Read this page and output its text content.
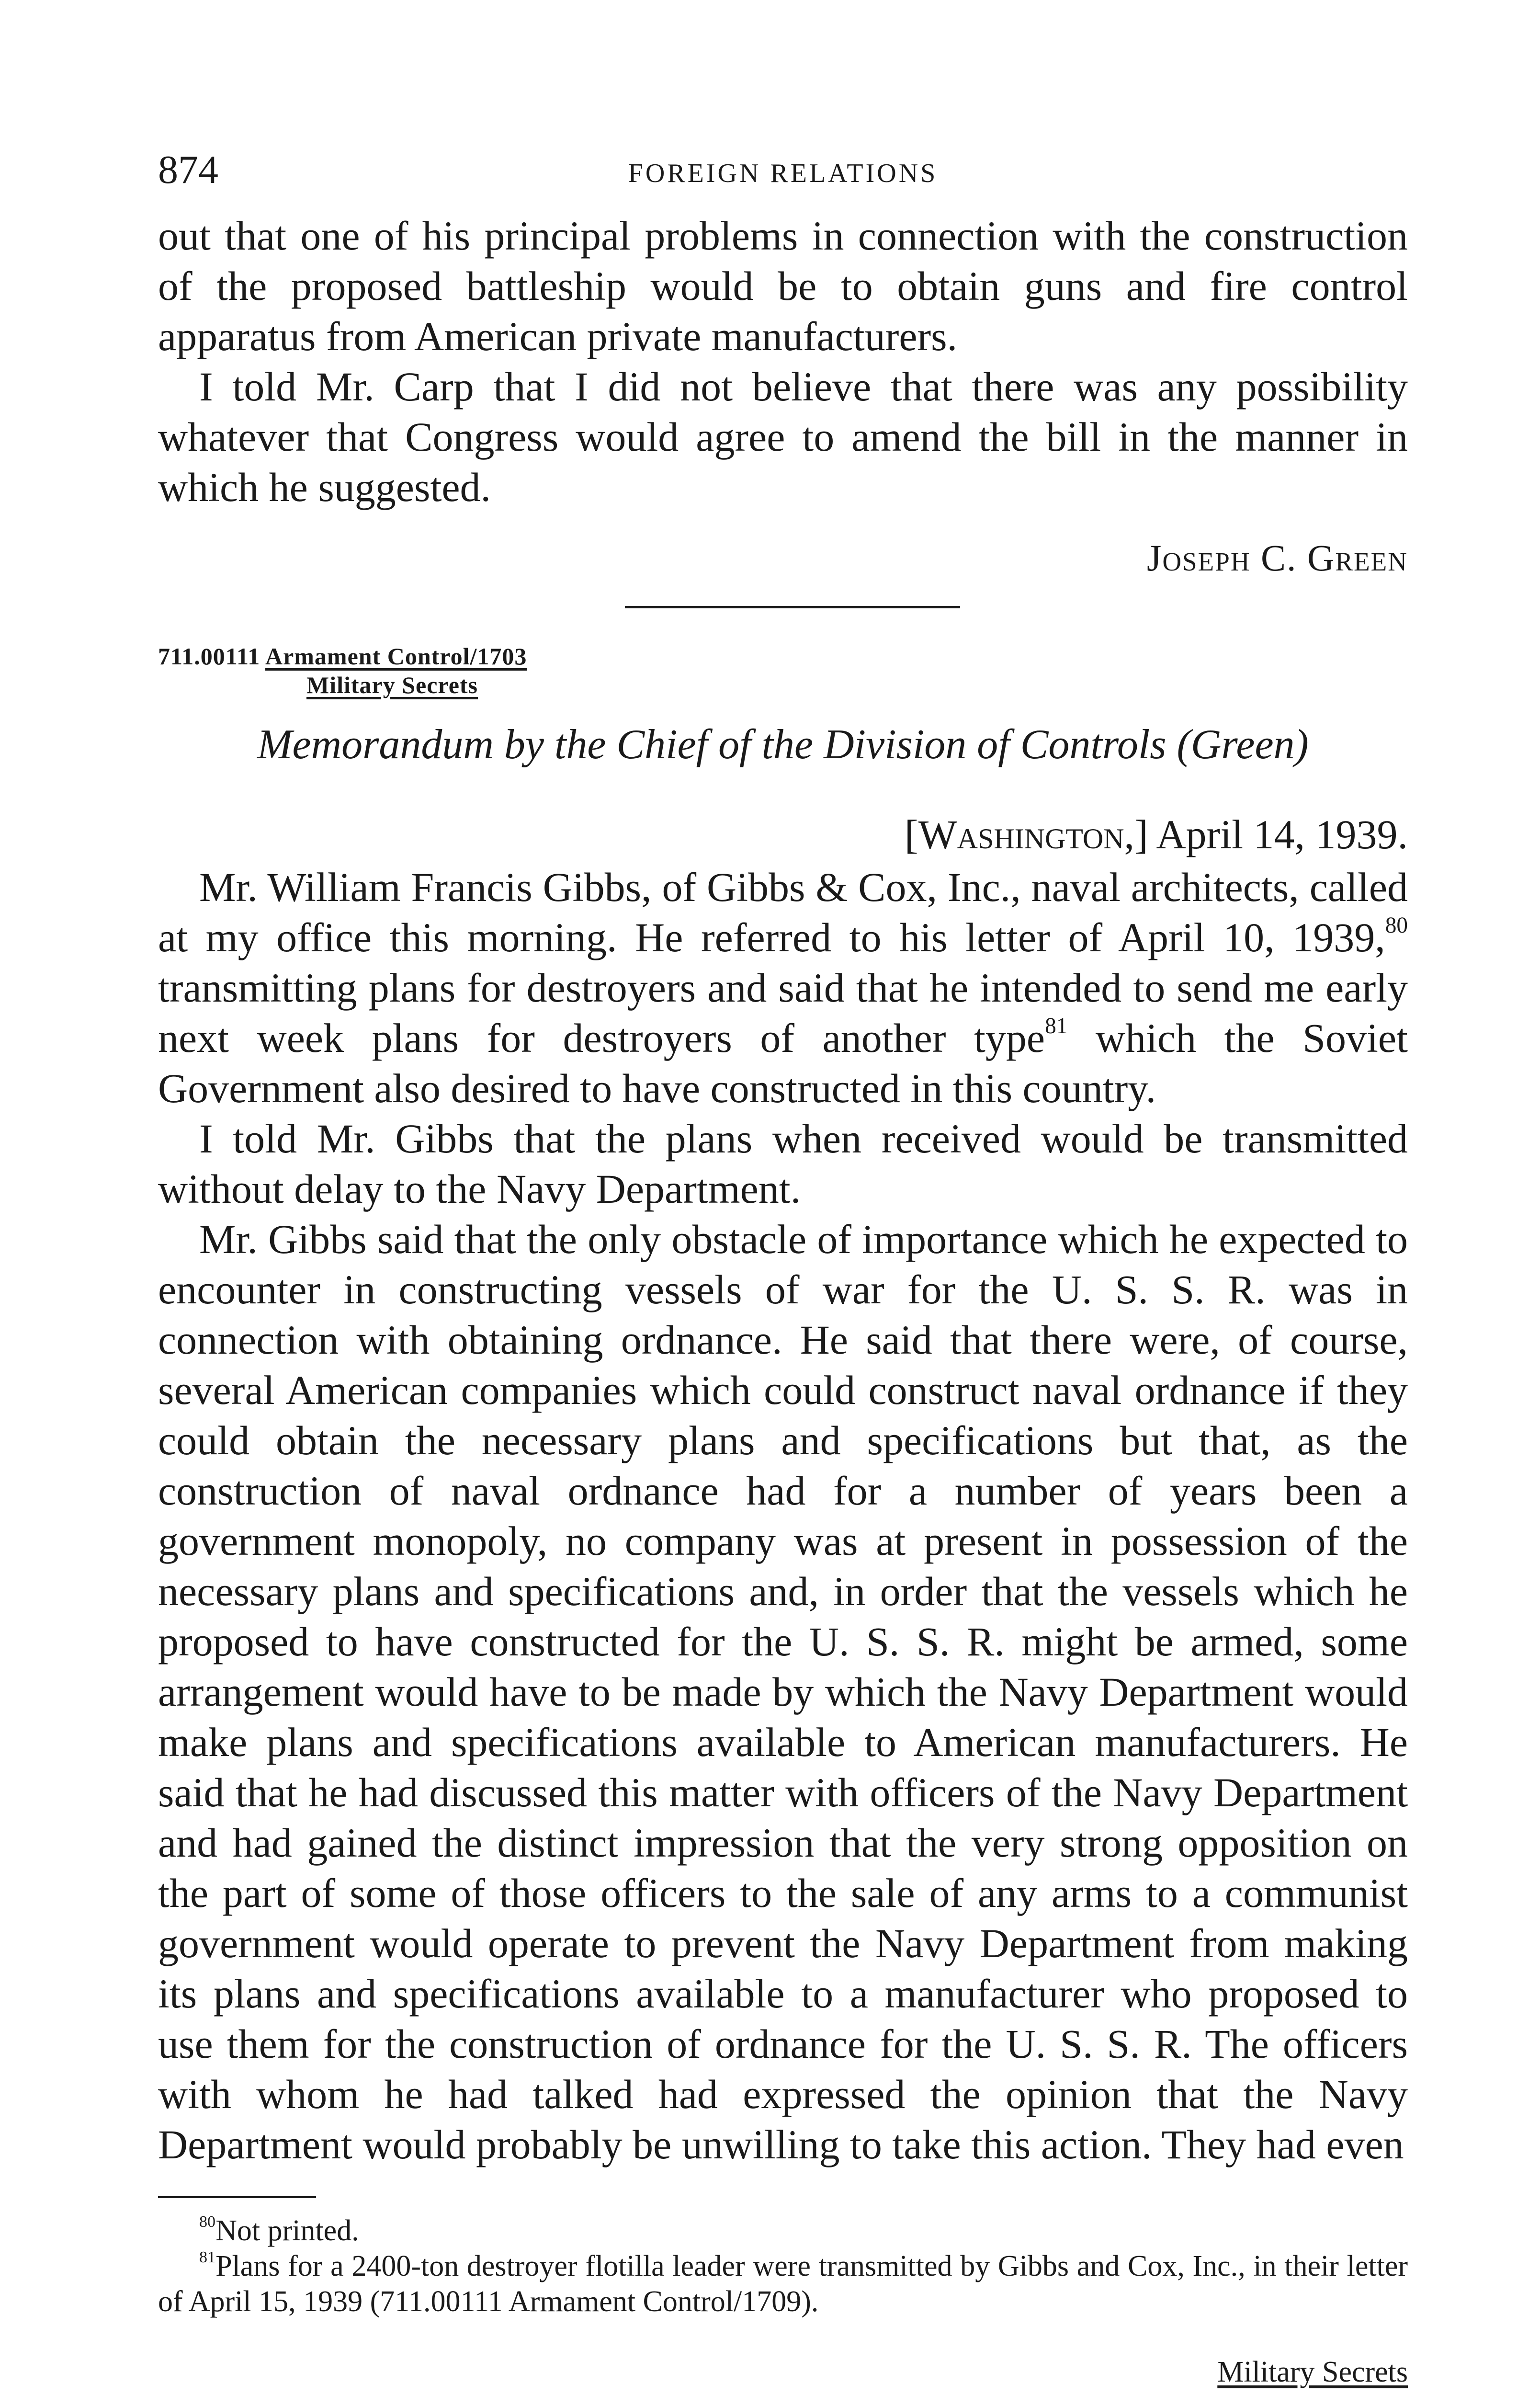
874	FOREIGN RELATIONS

out that one of his principal problems in connection with the construction of the proposed battleship would be to obtain guns and fire control apparatus from American private manufacturers.

I told Mr. Carp that I did not believe that there was any possibility whatever that Congress would agree to amend the bill in the manner in which he suggested.

Joseph C. Green
711.00111 Armament Control/1703
Military Secrets
Memorandum by the Chief of the Division of Controls (Green)
[Washington,] April 14, 1939.

Mr. William Francis Gibbs, of Gibbs & Cox, Inc., naval architects, called at my office this morning. He referred to his letter of April 10, 1939,80 transmitting plans for destroyers and said that he intended to send me early next week plans for destroyers of another type$^{81}$ which the Soviet Government also desired to have constructed in this country.

I told Mr. Gibbs that the plans when received would be transmitted without delay to the Navy Department.

Mr. Gibbs said that the only obstacle of importance which he expected to encounter in constructing vessels of war for the U. S. S. R. was in connection with obtaining ordnance. He said that there were, of course, several American companies which could construct naval ordnance if they could obtain the necessary plans and specifications but that, as the construction of naval ordnance had for a number of years been a government monopoly, no company was at present in possession of the necessary plans and specifications and, in order that the vessels which he proposed to have constructed for the U. S. S. R. might be armed, some arrangement would have to be made by which the Navy Department would make plans and specifications available to American manufacturers. He said that he had discussed this matter with officers of the Navy Department and had gained the distinct impression that the very strong opposition on the part of some of those officers to the sale of any arms to a communist government would operate to prevent the Navy Department from making its plans and specifications available to a manufacturer who proposed to use them for the construction of ordnance for the U. S. S. R. The officers with whom he had talked had expressed the opinion that the Navy Department would probably be unwilling to take this action. They had even

$^{80}$Not printed.

$^{81}$Plans for a 2400-ton destroyer flotilla leader were transmitted by Gibbs and Cox, Inc., in their letter of April 15, 1939 (711.00111 Armament Control/1709).

Military Secrets
